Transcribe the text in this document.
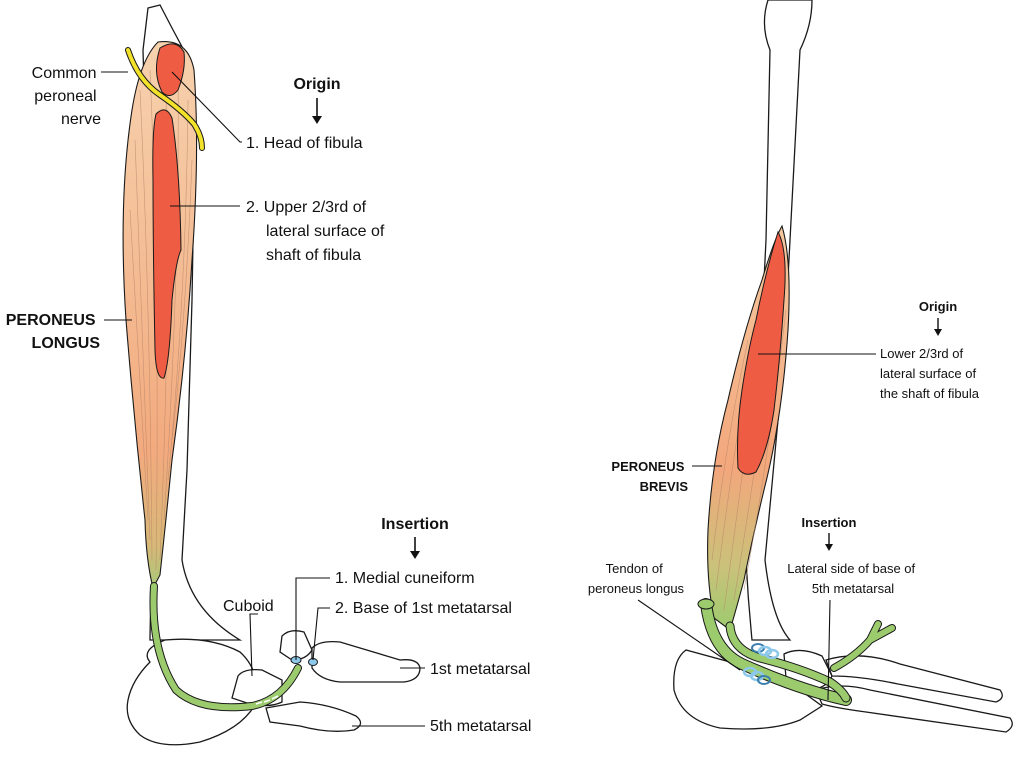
Common peroneal nerve
Origin
1. Head of fibula
2. Upper 2/3rd of lateral surface of shaft of fibula
PERONEUS LONGUS
Insertion
1. Medial cuneiform
2. Base of 1st metatarsal
Cuboid
1st metatarsal
5th metatarsal
Origin
Lower 2/3rd of lateral surface of the shaft of fibula
PERONEUS BREVIS
Insertion
Lateral side of base of 5th metatarsal
Tendon of peroneus longus
